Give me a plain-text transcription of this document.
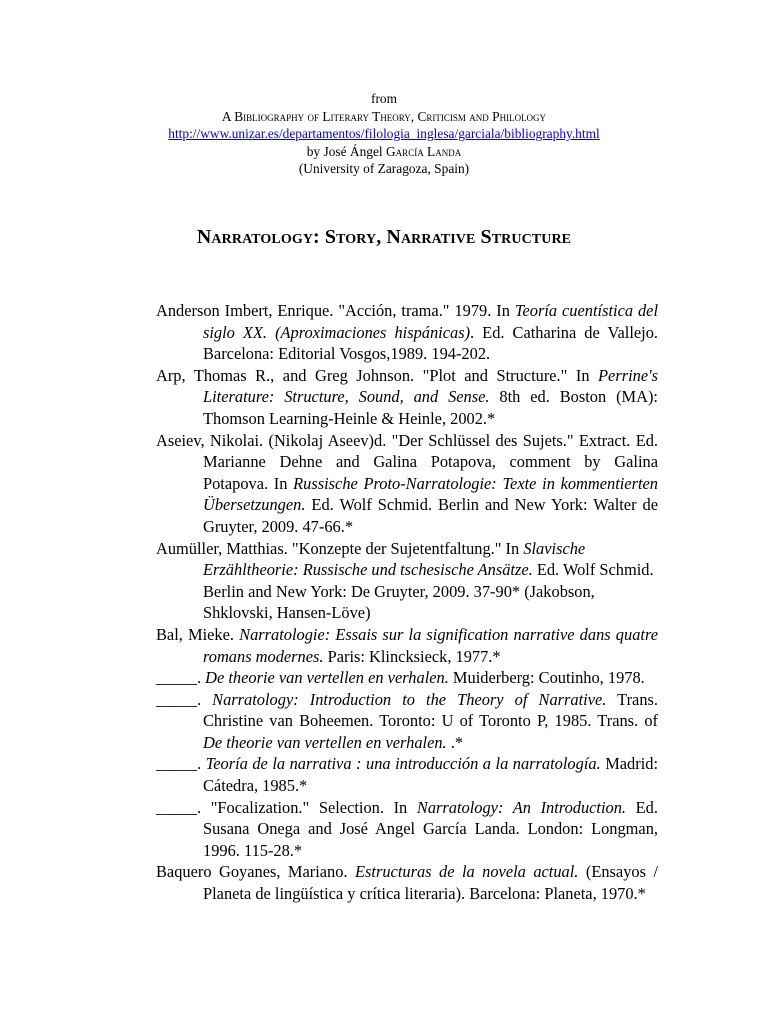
from
A Bibliography of Literary Theory, Criticism and Philology
http://www.unizar.es/departamentos/filologia_inglesa/garciala/bibliography.html
by José Ángel García Landa
(University of Zaragoza, Spain)
Narratology: Story, Narrative Structure

Anderson Imbert, Enrique. "Acción, trama." 1979. In Teoría cuentística del siglo XX. (Aproximaciones hispánicas). Ed. Catharina de Vallejo. Barcelona: Editorial Vosgos,1989. 194-202.

Arp, Thomas R., and Greg Johnson. "Plot and Structure." In Perrine's Literature: Structure, Sound, and Sense. 8th ed. Boston (MA): Thomson Learning-Heinle & Heinle, 2002.*

Aseiev, Nikolai. (Nikolaj Aseev)d. "Der Schlüssel des Sujets." Extract. Ed. Marianne Dehne and Galina Potapova, comment by Galina Potapova. In Russische Proto-Narratologie: Texte in kommentierten Übersetzungen. Ed. Wolf Schmid. Berlin and New York: Walter de Gruyter, 2009. 47-66.*

Aumüller, Matthias. "Konzepte der Sujetentfaltung." In Slavische Erzähltheorie: Russische und tschesische Ansätze. Ed. Wolf Schmid. Berlin and New York: De Gruyter, 2009. 37-90* (Jakobson, Shklovski, Hansen-Löve)

Bal, Mieke. Narratologie: Essais sur la signification narrative dans quatre romans modernes. Paris: Klincksieck, 1977.*

_____. De theorie van vertellen en verhalen. Muiderberg: Coutinho, 1978.

_____. Narratology: Introduction to the Theory of Narrative. Trans. Christine van Boheemen. Toronto: U of Toronto P, 1985. Trans. of De theorie van vertellen en verhalen. .*

_____. Teoría de la narrativa : una introducción a la narratología. Madrid: Cátedra, 1985.*

_____. "Focalization." Selection. In Narratology: An Introduction. Ed. Susana Onega and José Angel García Landa. London: Longman, 1996. 115-28.*

Baquero Goyanes, Mariano. Estructuras de la novela actual. (Ensayos / Planeta de lingüística y crítica literaria). Barcelona: Planeta, 1970.*
